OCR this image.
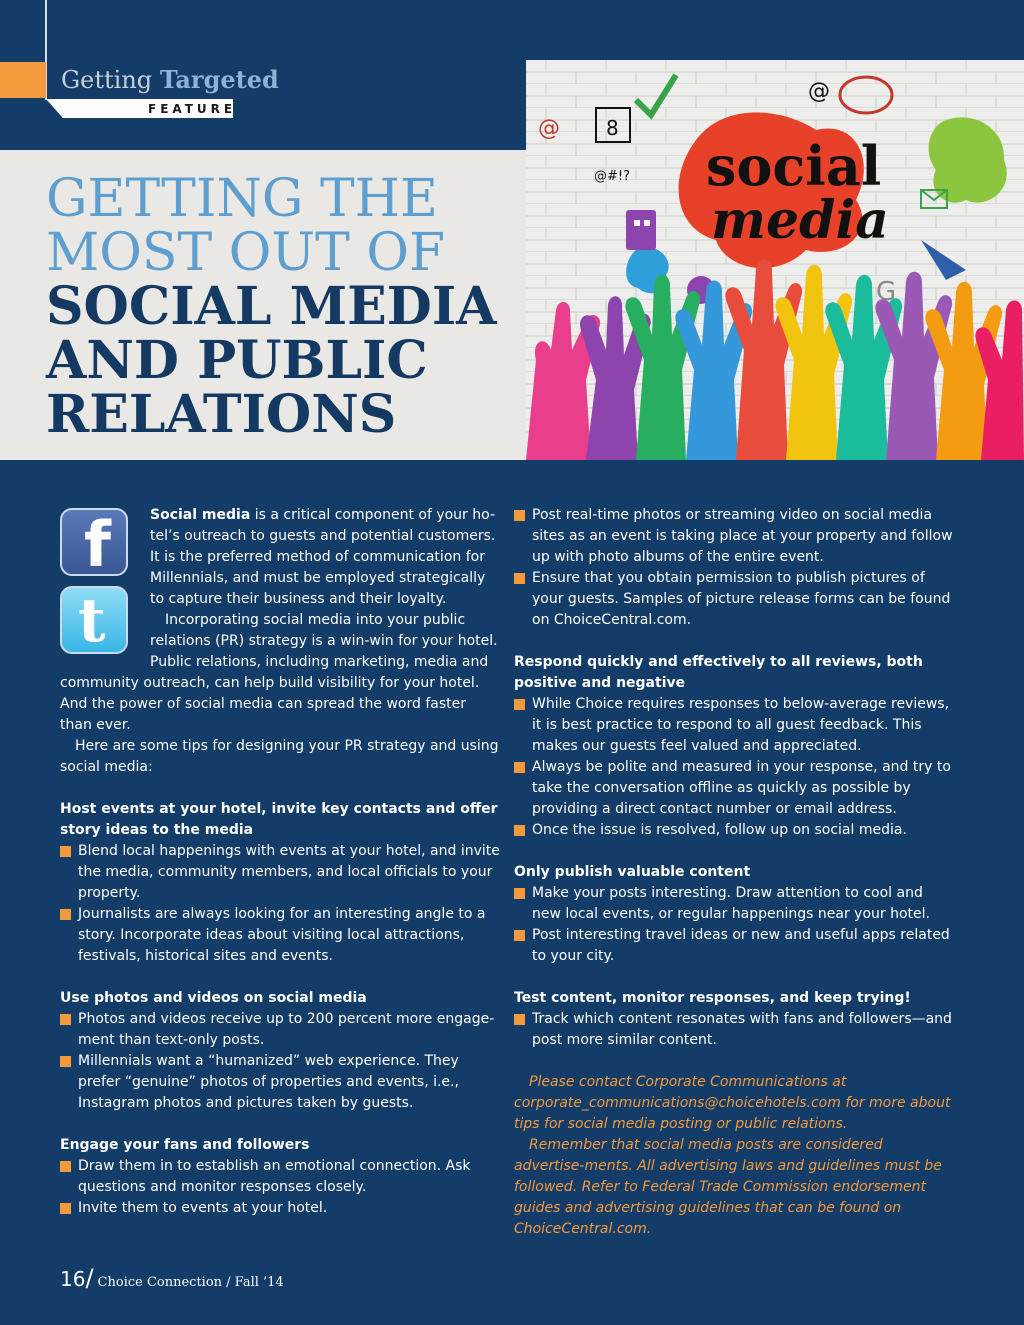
Getting Targeted
FEATURE
GETTING THE
MOST OUT OF
SOCIAL MEDIA
AND PUBLIC
RELATIONS
social
media
8
@
@
@#!?
G
f
t

Social media is a critical component of your ho-

tel’s outreach to guests and potential customers.

It is the preferred method of communication for

Millennials, and must be employed strategically

to capture their business and their loyalty.

Incorporating social media into your public

relations (PR) strategy is a win-win for your hotel.

Public relations, including marketing, media and

community outreach, can help build visibility for your hotel.

And the power of social media can spread the word faster

than ever.

Here are some tips for designing your PR strategy and using social media:

Host events at your hotel, invite key contacts and offer story ideas to the media

Blend local happenings with events at your hotel, and invite the media, community members, and local officials to your property.
Journalists are always looking for an interesting angle to a story. Incorporate ideas about visiting local attractions, festivals, historical sites and events.

Use photos and videos on social media

Photos and videos receive up to 200 percent more engage-ment than text-only posts.
Millennials want a “humanized” web experience. They prefer “genuine” photos of properties and events, i.e., Instagram photos and pictures taken by guests.

Engage your fans and followers

Draw them in to establish an emotional connection. Ask questions and monitor responses closely.
Invite them to events at your hotel.
Post real-time photos or streaming video on social media sites as an event is taking place at your property and follow up with photo albums of the entire event.
Ensure that you obtain permission to publish pictures of your guests. Samples of picture release forms can be found on ChoiceCentral.com.

Respond quickly and effectively to all reviews, both positive and negative

While Choice requires responses to below-average reviews, it is best practice to respond to all guest feedback. This makes our guests feel valued and appreciated.
Always be polite and measured in your response, and try to take the conversation offline as quickly as possible by providing a direct contact number or email address.
Once the issue is resolved, follow up on social media.

Only publish valuable content

Make your posts interesting. Draw attention to cool and new local events, or regular happenings near your hotel.
Post interesting travel ideas or new and useful apps related to your city.

Test content, monitor responses, and keep trying!

Track which content resonates with fans and followers—and post more similar content.

Please contact Corporate Communications at corporate_communications@choicehotels.com for more about tips for social media posting or public relations.

Remember that social media posts are considered advertise-ments. All advertising laws and guidelines must be followed. Refer to Federal Trade Commission endorsement guides and advertising guidelines that can be found on ChoiceCentral.com.

16/ Choice Connection / Fall ’14
